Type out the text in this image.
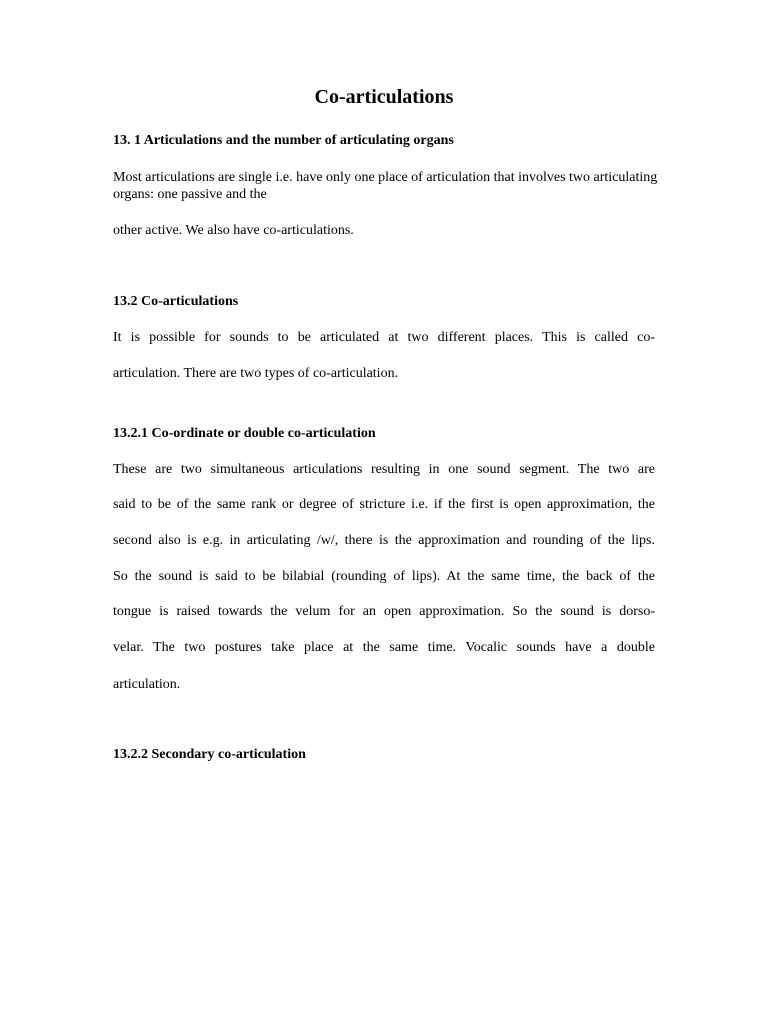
Co-articulations

13. 1 Articulations and the number of articulating organs

Most articulations are single i.e. have only one place of articulation that involves two articulating

organs: one passive and the

other active. We also have co-articulations.

13.2 Co-articulations

It is possible for sounds to be articulated at two different places. This is called co-

articulation. There are two types of co-articulation.

13.2.1 Co-ordinate or double co-articulation

These are two simultaneous articulations resulting in one sound segment. The two are

said to be of the same rank or degree of stricture i.e. if the first is open approximation, the

second also is e.g. in articulating /w/, there is the approximation and rounding of the lips.

So the sound is said to be bilabial (rounding of lips). At the same time, the back of the

tongue is raised towards the velum for an open approximation. So the sound is dorso-

velar. The two postures take place at the same time. Vocalic sounds have a double

articulation.

13.2.2 Secondary co-articulation
